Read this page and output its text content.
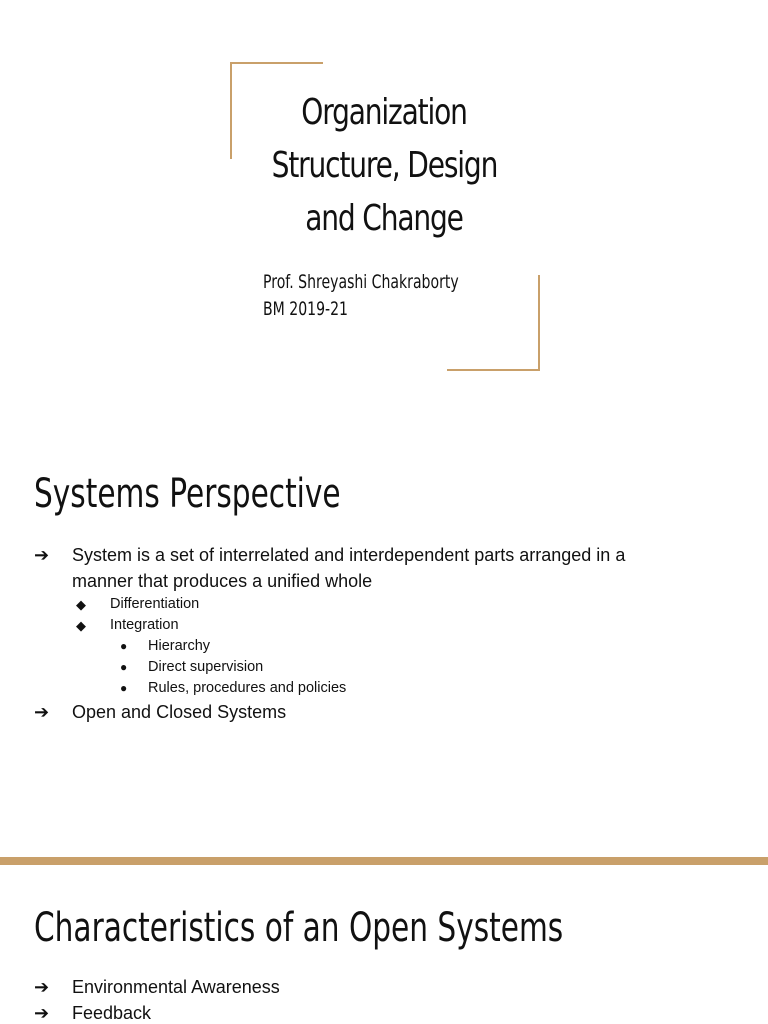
Organization
Structure, Design
and Change
Prof. Shreyashi Chakraborty
BM 2019-21
Systems Perspective
➔ System is a set of interrelated and interdependent parts arranged in a
manner that produces a unified whole
◆ Differentiation
◆ Integration
● Hierarchy
● Direct supervision
● Rules, procedures and policies
➔ Open and Closed Systems
Characteristics of an Open Systems
➔ Environmental Awareness
➔ Feedback
